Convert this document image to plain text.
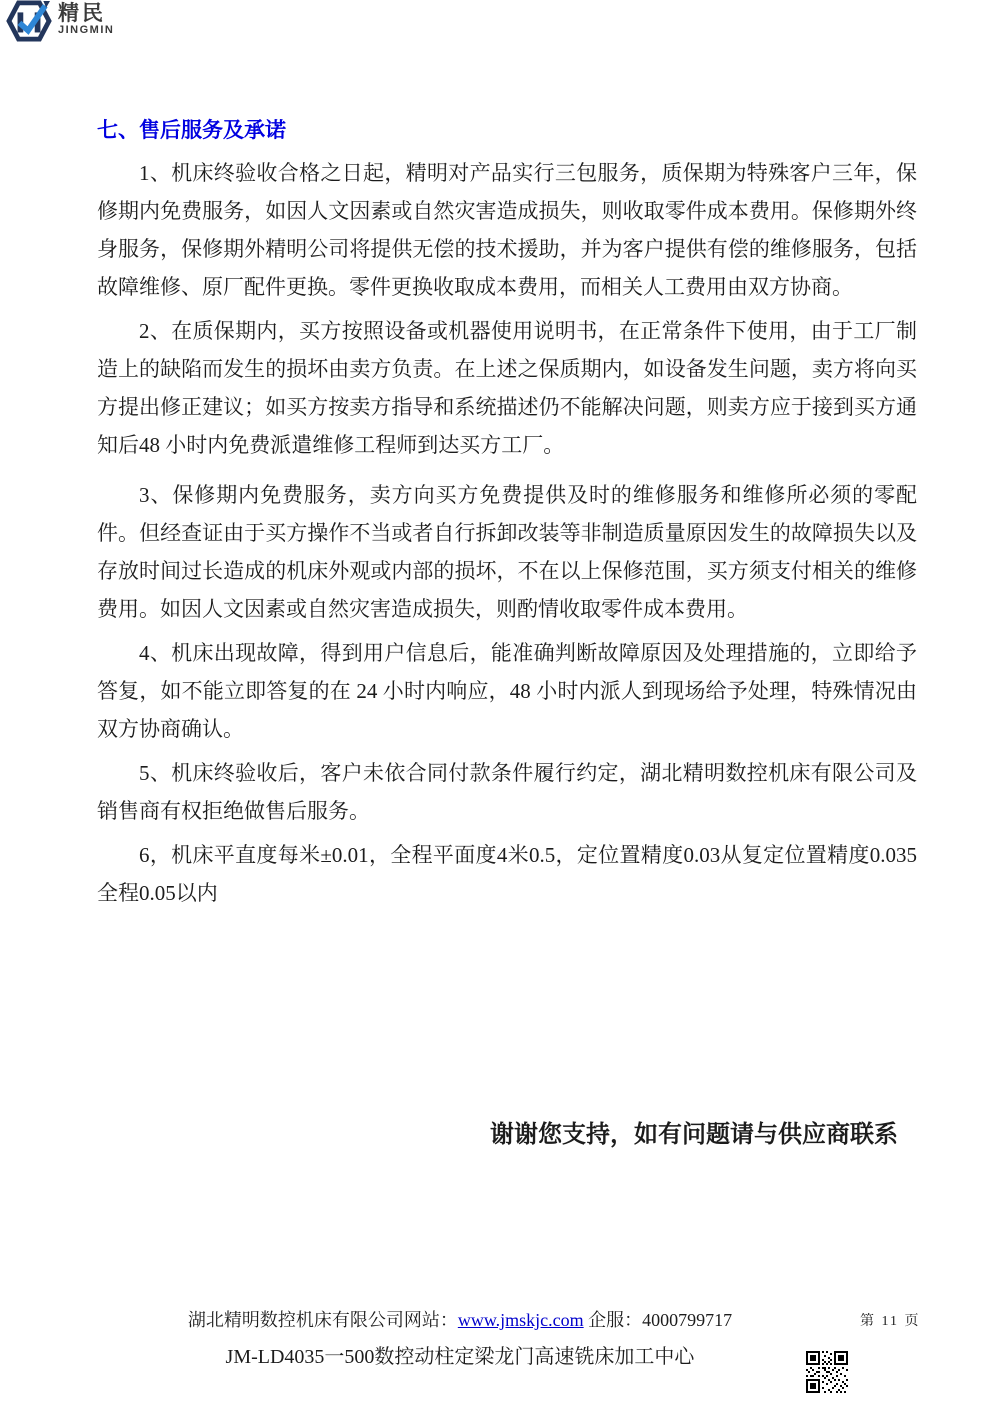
精民
JINGMIN
七、售后服务及承诺

1、机床终验收合格之日起，精明对产品实行三包服务，质保期为特殊客户三年，保修期内免费服务，如因人文因素或自然灾害造成损失，则收取零件成本费用。保修期外终身服务，保修期外精明公司将提供无偿的技术援助，并为客户提供有偿的维修服务，包括故障维修、原厂配件更换。零件更换收取成本费用，而相关人工费用由双方协商。

2、在质保期内，买方按照设备或机器使用说明书，在正常条件下使用，由于工厂制造上的缺陷而发生的损坏由卖方负责。在上述之保质期内，如设备发生问题，卖方将向买方提出修正建议；如买方按卖方指导和系统描述仍不能解决问题，则卖方应于接到买方通知后48 小时内免费派遣维修工程师到达买方工厂。

3、保修期内免费服务，卖方向买方免费提供及时的维修服务和维修所必须的零配件。但经查证由于买方操作不当或者自行拆卸改装等非制造质量原因发生的故障损失以及存放时间过长造成的机床外观或内部的损坏，不在以上保修范围，买方须支付相关的维修费用。如因人文因素或自然灾害造成损失，则酌情收取零件成本费用。

4、机床出现故障，得到用户信息后，能准确判断故障原因及处理措施的，立即给予答复，如不能立即答复的在 24 小时内响应，48 小时内派人到现场给予处理，特殊情况由双方协商确认。

5、机床终验收后，客户未依合同付款条件履行约定，湖北精明数控机床有限公司及销售商有权拒绝做售后服务。

6，机床平直度每米±0.01，全程平面度4米0.5，定位置精度0.03从复定位置精度0.035全程0.05以内

谢谢您支持，如有问题请与供应商联系
湖北精明数控机床有限公司网站：www.jmskjc.com 企服：4000799717
JM-LD4035一500数控动柱定梁龙门高速铣床加工中心
第 11 页
